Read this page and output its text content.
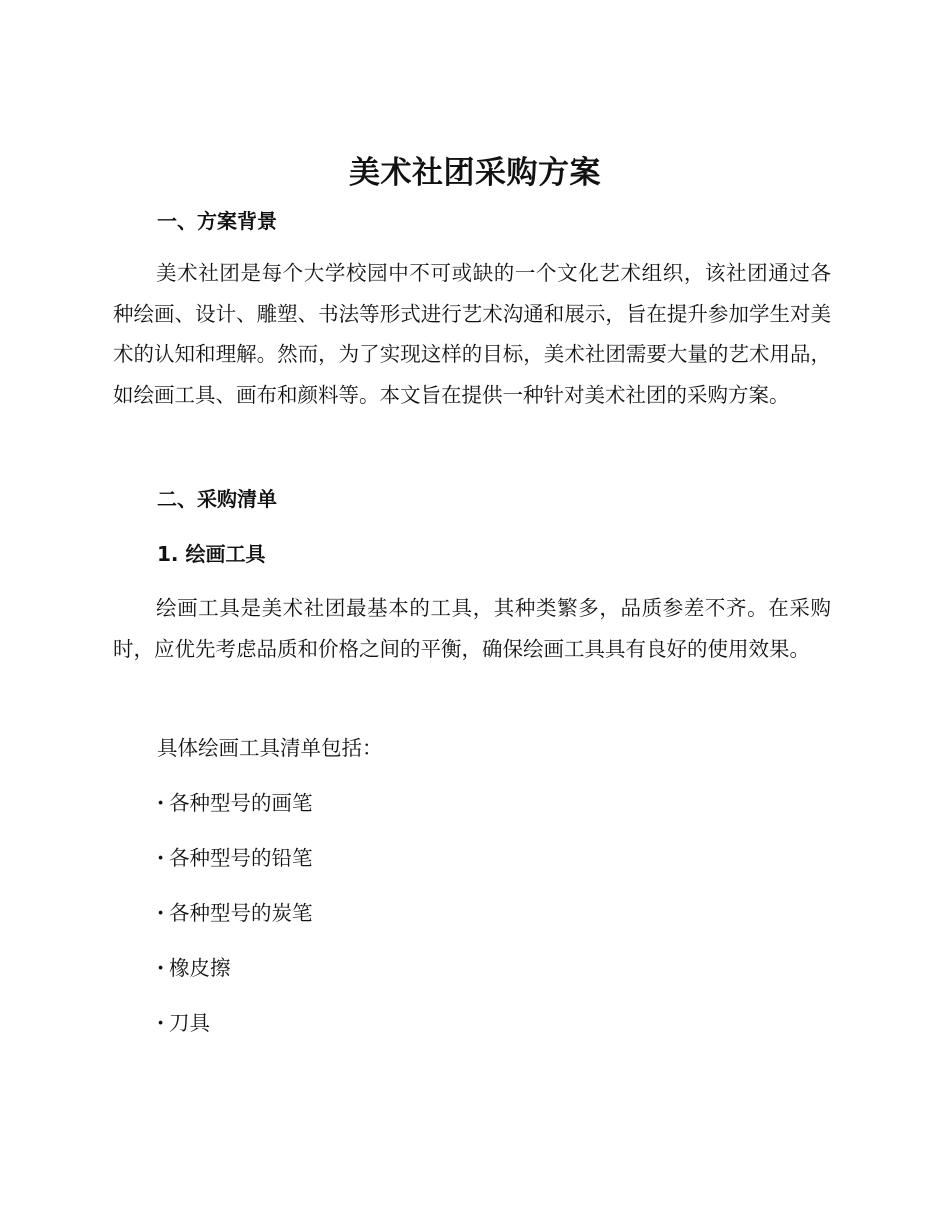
美术社团采购方案
一、方案背景

美术社团是每个大学校园中不可或缺的一个文化艺术组织，该社团通过各种绘画、设计、雕塑、书法等形式进行艺术沟通和展示，旨在提升参加学生对美术的认知和理解。然而，为了实现这样的目标，美术社团需要大量的艺术用品，如绘画工具、画布和颜料等。本文旨在提供一种针对美术社团的采购方案。

二、采购清单
1. 绘画工具

绘画工具是美术社团最基本的工具，其种类繁多，品质参差不齐。在采购时，应优先考虑品质和价格之间的平衡，确保绘画工具具有良好的使用效果。

具体绘画工具清单包括：
· 各种型号的画笔
· 各种型号的铅笔
· 各种型号的炭笔
· 橡皮擦
· 刀具
